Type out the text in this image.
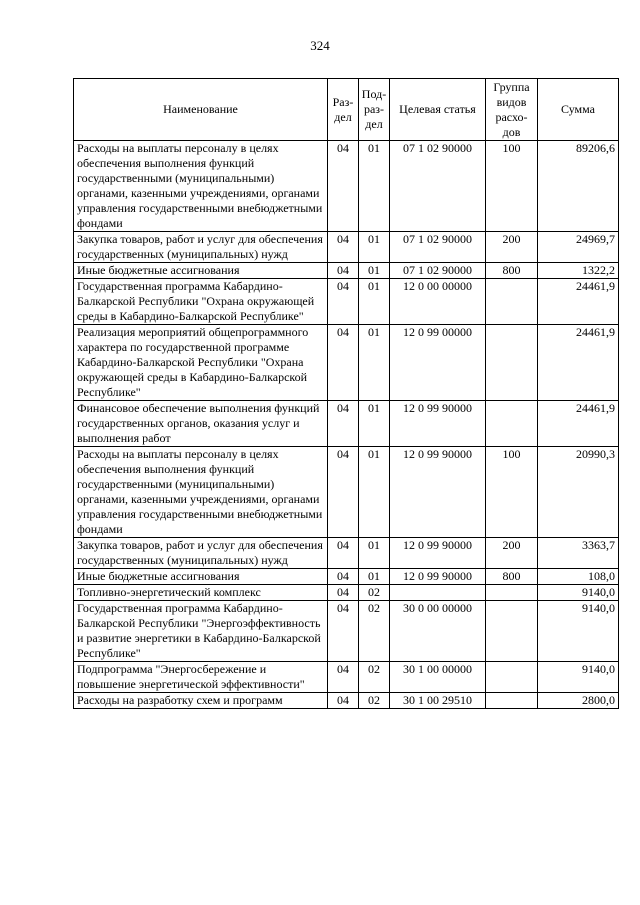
324
Наименование	Раз- дел	Под- раз- дел	Целевая статья	Группа видов расхо- дов	Сумма
Расходы на выплаты персоналу в целях обеспечения выполнения функций государственными (муниципальными) органами, казенными учреждениями, органами управления государственными внебюджетными фондами	04	01	07 1 02 90000	100	89206,6
Закупка товаров, работ и услуг для обеспечения государственных (муниципальных) нужд	04	01	07 1 02 90000	200	24969,7
Иные бюджетные ассигнования	04	01	07 1 02 90000	800	1322,2
Государственная программа Кабардино-Балкарской Республики "Охрана окружающей среды в Кабардино-Балкарской Республике"	04	01	12 0 00 00000		24461,9
Реализация мероприятий общепрограммного характера по государственной программе Кабардино-Балкарской Республики "Охрана окружающей среды в Кабардино-Балкарской Республике"	04	01	12 0 99 00000		24461,9
Финансовое обеспечение выполнения функций государственных органов, оказания услуг и выполнения работ	04	01	12 0 99 90000		24461,9
Расходы на выплаты персоналу в целях обеспечения выполнения функций государственными (муниципальными) органами, казенными учреждениями, органами управления государственными внебюджетными фондами	04	01	12 0 99 90000	100	20990,3
Закупка товаров, работ и услуг для обеспечения государственных (муниципальных) нужд	04	01	12 0 99 90000	200	3363,7
Иные бюджетные ассигнования	04	01	12 0 99 90000	800	108,0
Топливно-энергетический комплекс	04	02			9140,0
Государственная программа Кабардино-Балкарской Республики "Энергоэффективность и развитие энергетики в Кабардино-Балкарской Республике"	04	02	30 0 00 00000		9140,0
Подпрограмма "Энергосбережение и повышение энергетической эффективности"	04	02	30 1 00 00000		9140,0
Расходы на разработку схем и программ	04	02	30 1 00 29510		2800,0
